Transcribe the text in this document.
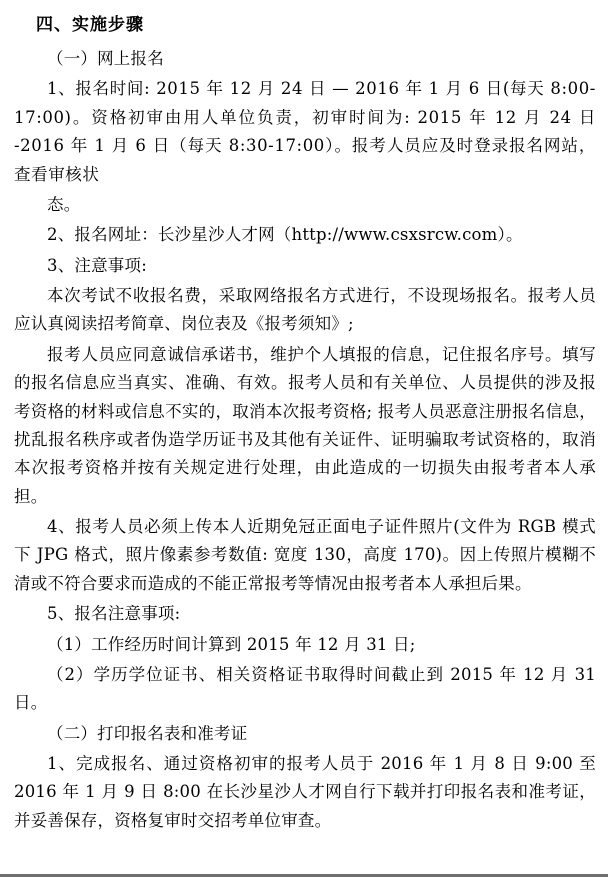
四、实施步骤

（一）网上报名

1、报名时间: 2015 年 12 月 24 日 — 2016 年 1 月 6 日(每天 8:00-17:00)。资格初审由用人单位负责，初审时间为: 2015 年 12 月 24 日 -2016 年 1 月 6 日（每天 8:30-17:00）。报考人员应及时登录报名网站，查看审核状

态。

2、报名网址：长沙星沙人才网（http://www.csxsrcw.com）。

3、注意事项:

本次考试不收报名费，采取网络报名方式进行，不设现场报名。报考人员应认真阅读招考简章、岗位表及《报考须知》;

报考人员应同意诚信承诺书，维护个人填报的信息，记住报名序号。填写的报名信息应当真实、准确、有效。报考人员和有关单位、人员提供的涉及报考资格的材料或信息不实的，取消本次报考资格; 报考人员恶意注册报名信息，扰乱报名秩序或者伪造学历证书及其他有关证件、证明骗取考试资格的，取消本次报考资格并按有关规定进行处理，由此造成的一切损失由报考者本人承担。

4、报考人员必须上传本人近期免冠正面电子证件照片(文件为 RGB 模式下 JPG 格式，照片像素参考数值: 宽度 130，高度 170)。因上传照片模糊不清或不符合要求而造成的不能正常报考等情况由报考者本人承担后果。

5、报名注意事项:

（1）工作经历时间计算到 2015 年 12 月 31 日;

（2）学历学位证书、相关资格证书取得时间截止到 2015 年 12 月 31 日。

（二）打印报名表和准考证

1、完成报名、通过资格初审的报考人员于 2016 年 1 月 8 日 9:00 至 2016 年 1 月 9 日 8:00 在长沙星沙人才网自行下载并打印报名表和准考证，并妥善保存，资格复审时交招考单位审查。
